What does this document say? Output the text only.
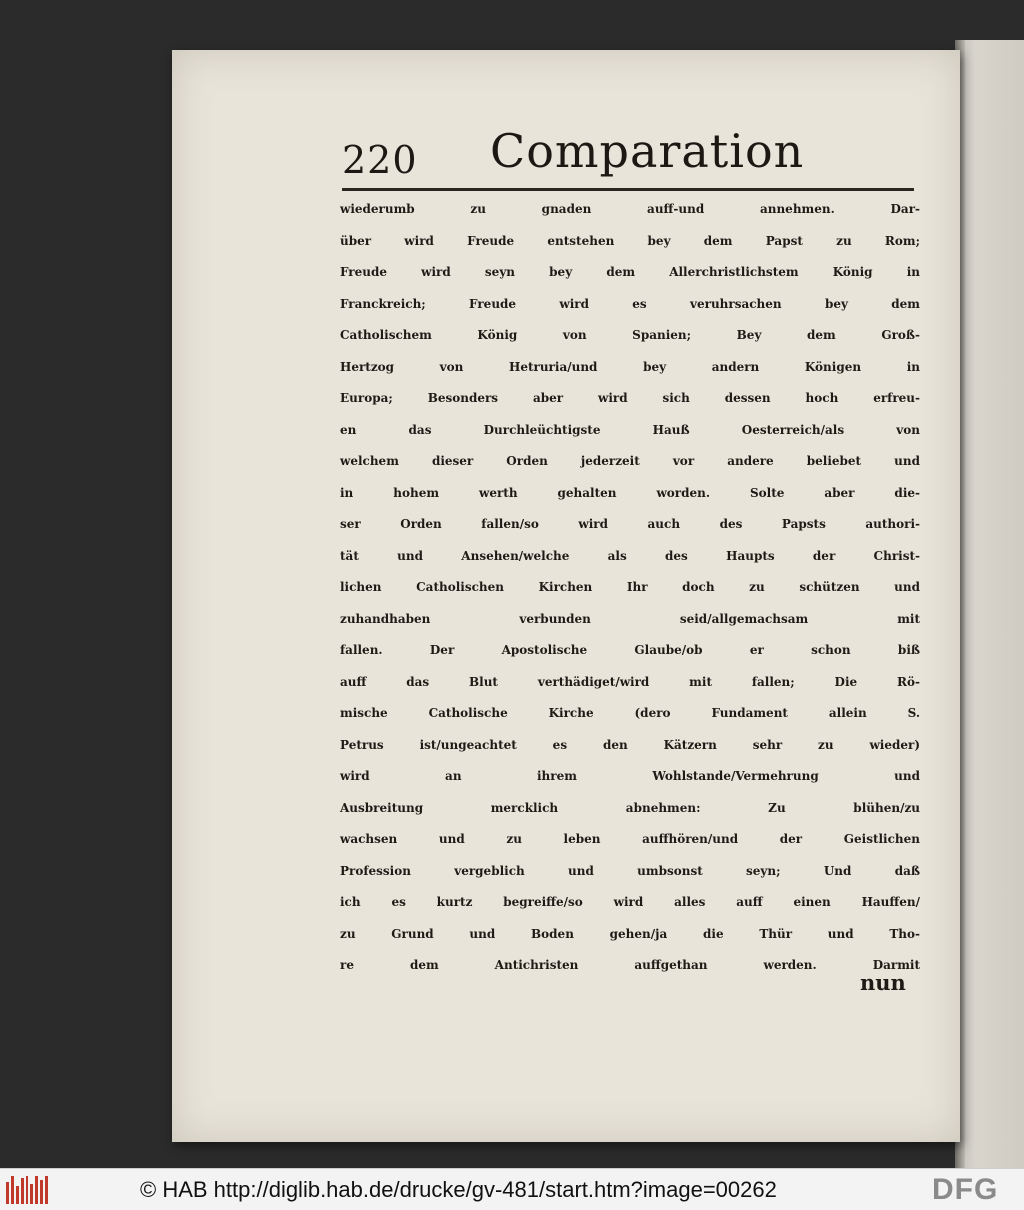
220 Comparation
wiederumb zu gnaden auff-und annehmen. Dar-
über wird Freude entstehen bey dem Papst zu Rom;
Freude wird seyn bey dem Allerchristlichstem König in
Franckreich; Freude wird es veruhrsachen bey dem
Catholischem König von Spanien; Bey dem Groß-
Hertzog von Hetruria/und bey andern Königen in
Europa; Besonders aber wird sich dessen hoch erfreu-
en das Durchleüchtigste Hauß Oesterreich/als von
welchem dieser Orden jederzeit vor andere beliebet und
in hohem werth gehalten worden. Solte aber die-
ser Orden fallen/so wird auch des Papsts authori-
tät und Ansehen/welche als des Haupts der Christ-
lichen Catholischen Kirchen Ihr doch zu schützen und
zuhandhaben verbunden seid/allgemachsam mit
fallen. Der Apostolische Glaube/ob er schon biß
auff das Blut verthädiget/wird mit fallen; Die Rö-
mische Catholische Kirche (dero Fundament allein S.
Petrus ist/ungeachtet es den Kätzern sehr zu wieder)
wird an ihrem Wohlstande/Vermehrung und
Ausbreitung mercklich abnehmen: Zu blühen/zu
wachsen und zu leben auffhören/und der Geistlichen
Profession vergeblich und umbsonst seyn; Und daß
ich es kurtz begreiffe/so wird alles auff einen Hauffen/
zu Grund und Boden gehen/ja die Thür und Tho-
re dem Antichristen auffgethan werden. Darmit
nun
© HAB http://diglib.hab.de/drucke/gv-481/start.htm?image=00262	DFG
